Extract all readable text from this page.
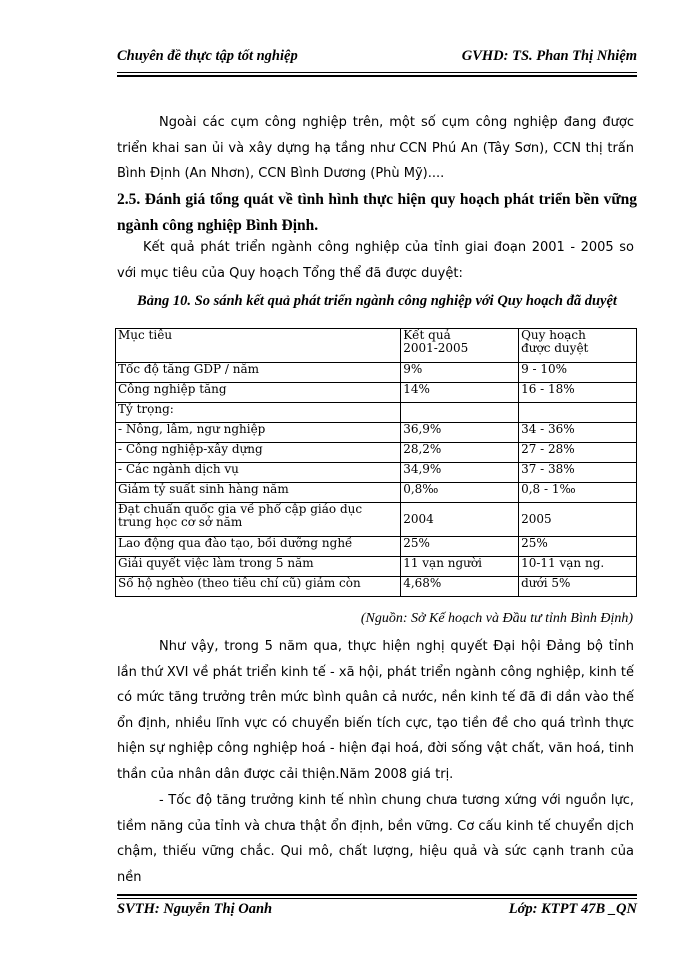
Chuyên đề thực tập tốt nghiệp	GVHD: TS. Phan Thị Nhiệm
Ngoài các cụm công nghiệp trên, một số cụm công nghiệp đang được triển khai san ủi và xây dựng hạ tầng như CCN Phú An (Tây Sơn), CCN thị trấn Bình Định (An Nhơn), CCN Bình Dương (Phù Mỹ)....
2.5. Đánh giá tổng quát về tình hình thực hiện quy hoạch phát triển bền vững ngành công nghiệp Bình Định.
Kết quả phát triển ngành công nghiệp của tỉnh giai đoạn 2001 - 2005 so với mục tiêu của Quy hoạch Tổng thể đã được duyệt:
Bảng 10. So sánh kết quả phát triển ngành công nghiệp với Quy hoạch đã duyệt
Mục tiêu	Kết quả 2001-2005	Quy hoạch được duyệt

Tốc độ tăng GDP / năm	9%	9 - 10%
Công nghiệp tăng	14%	16 - 18%
Tỷ trọng:		
- Nông, lâm, ngư nghiệp	36,9%	34 - 36%
- Công nghiệp-xây dựng	28,2%	27 - 28%
- Các ngành dịch vụ	34,9%	37 - 38%
Giảm tỷ suất sinh hàng năm	0,8‰	0,8 - 1‰
Đạt chuẩn quốc gia về phổ cập giáo dục trung học cơ sở năm	2004	2005
Lao động qua đào tạo, bồi dưỡng nghề	25%	25%
Giải quyết việc làm trong 5 năm	11 vạn người	10-11 vạn ng.
Số hộ nghèo (theo tiêu chí cũ) giảm còn	4,68%	dưới 5%
(Nguồn: Sở Kế hoạch và Đầu tư tỉnh Bình Định)
Như vậy, trong 5 năm qua, thực hiện nghị quyết Đại hội Đảng bộ tỉnh lần thứ XVI về phát triển kinh tế - xã hội, phát triển ngành công nghiệp, kinh tế có mức tăng trưởng trên mức bình quân cả nước, nền kinh tế đã đi dần vào thế ổn định, nhiều lĩnh vực có chuyển biến tích cực, tạo tiền đề cho quá trình thực hiện sự nghiệp công nghiệp hoá - hiện đại hoá, đời sống vật chất, văn hoá, tinh thần của nhân dân được cải thiện.Năm 2008 giá trị.
- Tốc độ tăng trưởng kinh tế nhìn chung chưa tương xứng với nguồn lực, tiềm năng của tỉnh và chưa thật ổn định, bền vững. Cơ cấu kinh tế chuyển dịch chậm, thiếu vững chắc. Qui mô, chất lượng, hiệu quả và sức cạnh tranh của nền
SVTH: Nguyễn Thị Oanh	Lớp: KTPT 47B _QN
